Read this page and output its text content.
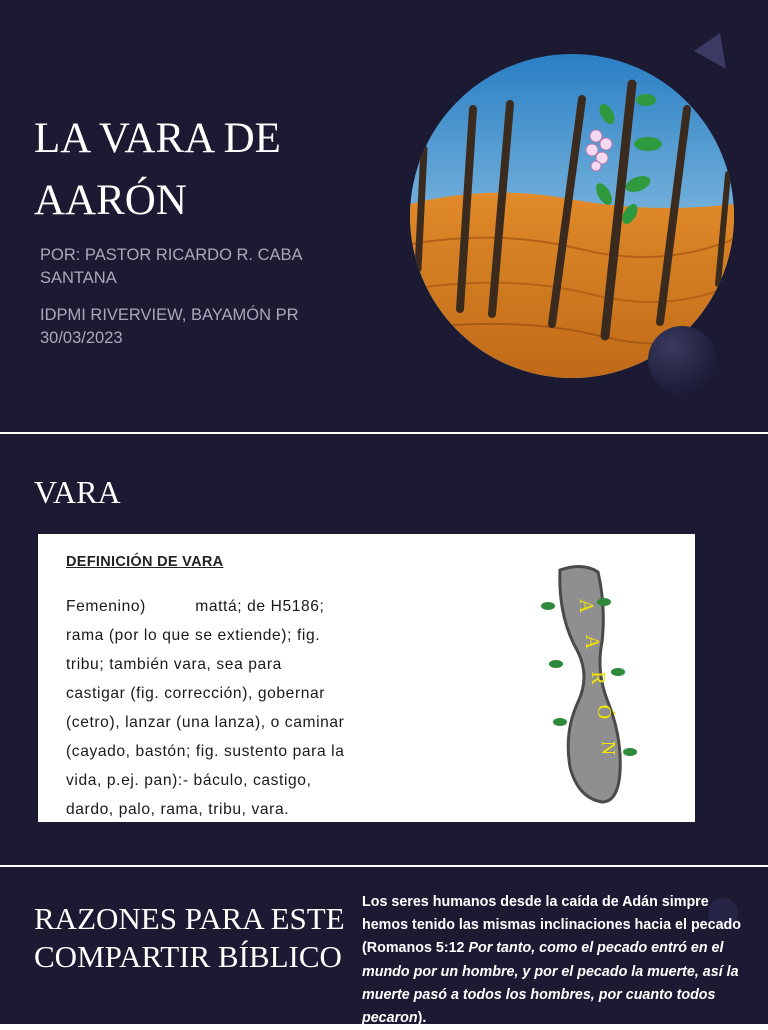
LA VARA DE
AARÓN
POR: PASTOR RICARDO R. CABA SANTANA
IDPMI RIVERVIEW, BAYAMÓN PR
30/03/2023
VARA
DEFINICIÓN DE VARA
Femenino)          mattá; de H5186;
rama (por lo que se extiende); fig.
tribu; también vara, sea para
castigar (fig. corrección), gobernar
(cetro), lanzar (una lanza), o caminar
(cayado, bastón; fig. sustento para la
vida, p.ej. pan):- báculo, castigo,
dardo, palo, rama, tribu, vara.
A
A
R
Ó
N
RAZONES PARA ESTE
COMPARTIR BÍBLICO
Los seres humanos desde la caída de Adán simpre hemos tenido las mismas inclinaciones hacia el pecado (Romanos 5:12 Por tanto, como el pecado entró en el mundo por un hombre, y por el pecado la muerte, así la muerte pasó a todos los hombres, por cuanto todos pecaron).
